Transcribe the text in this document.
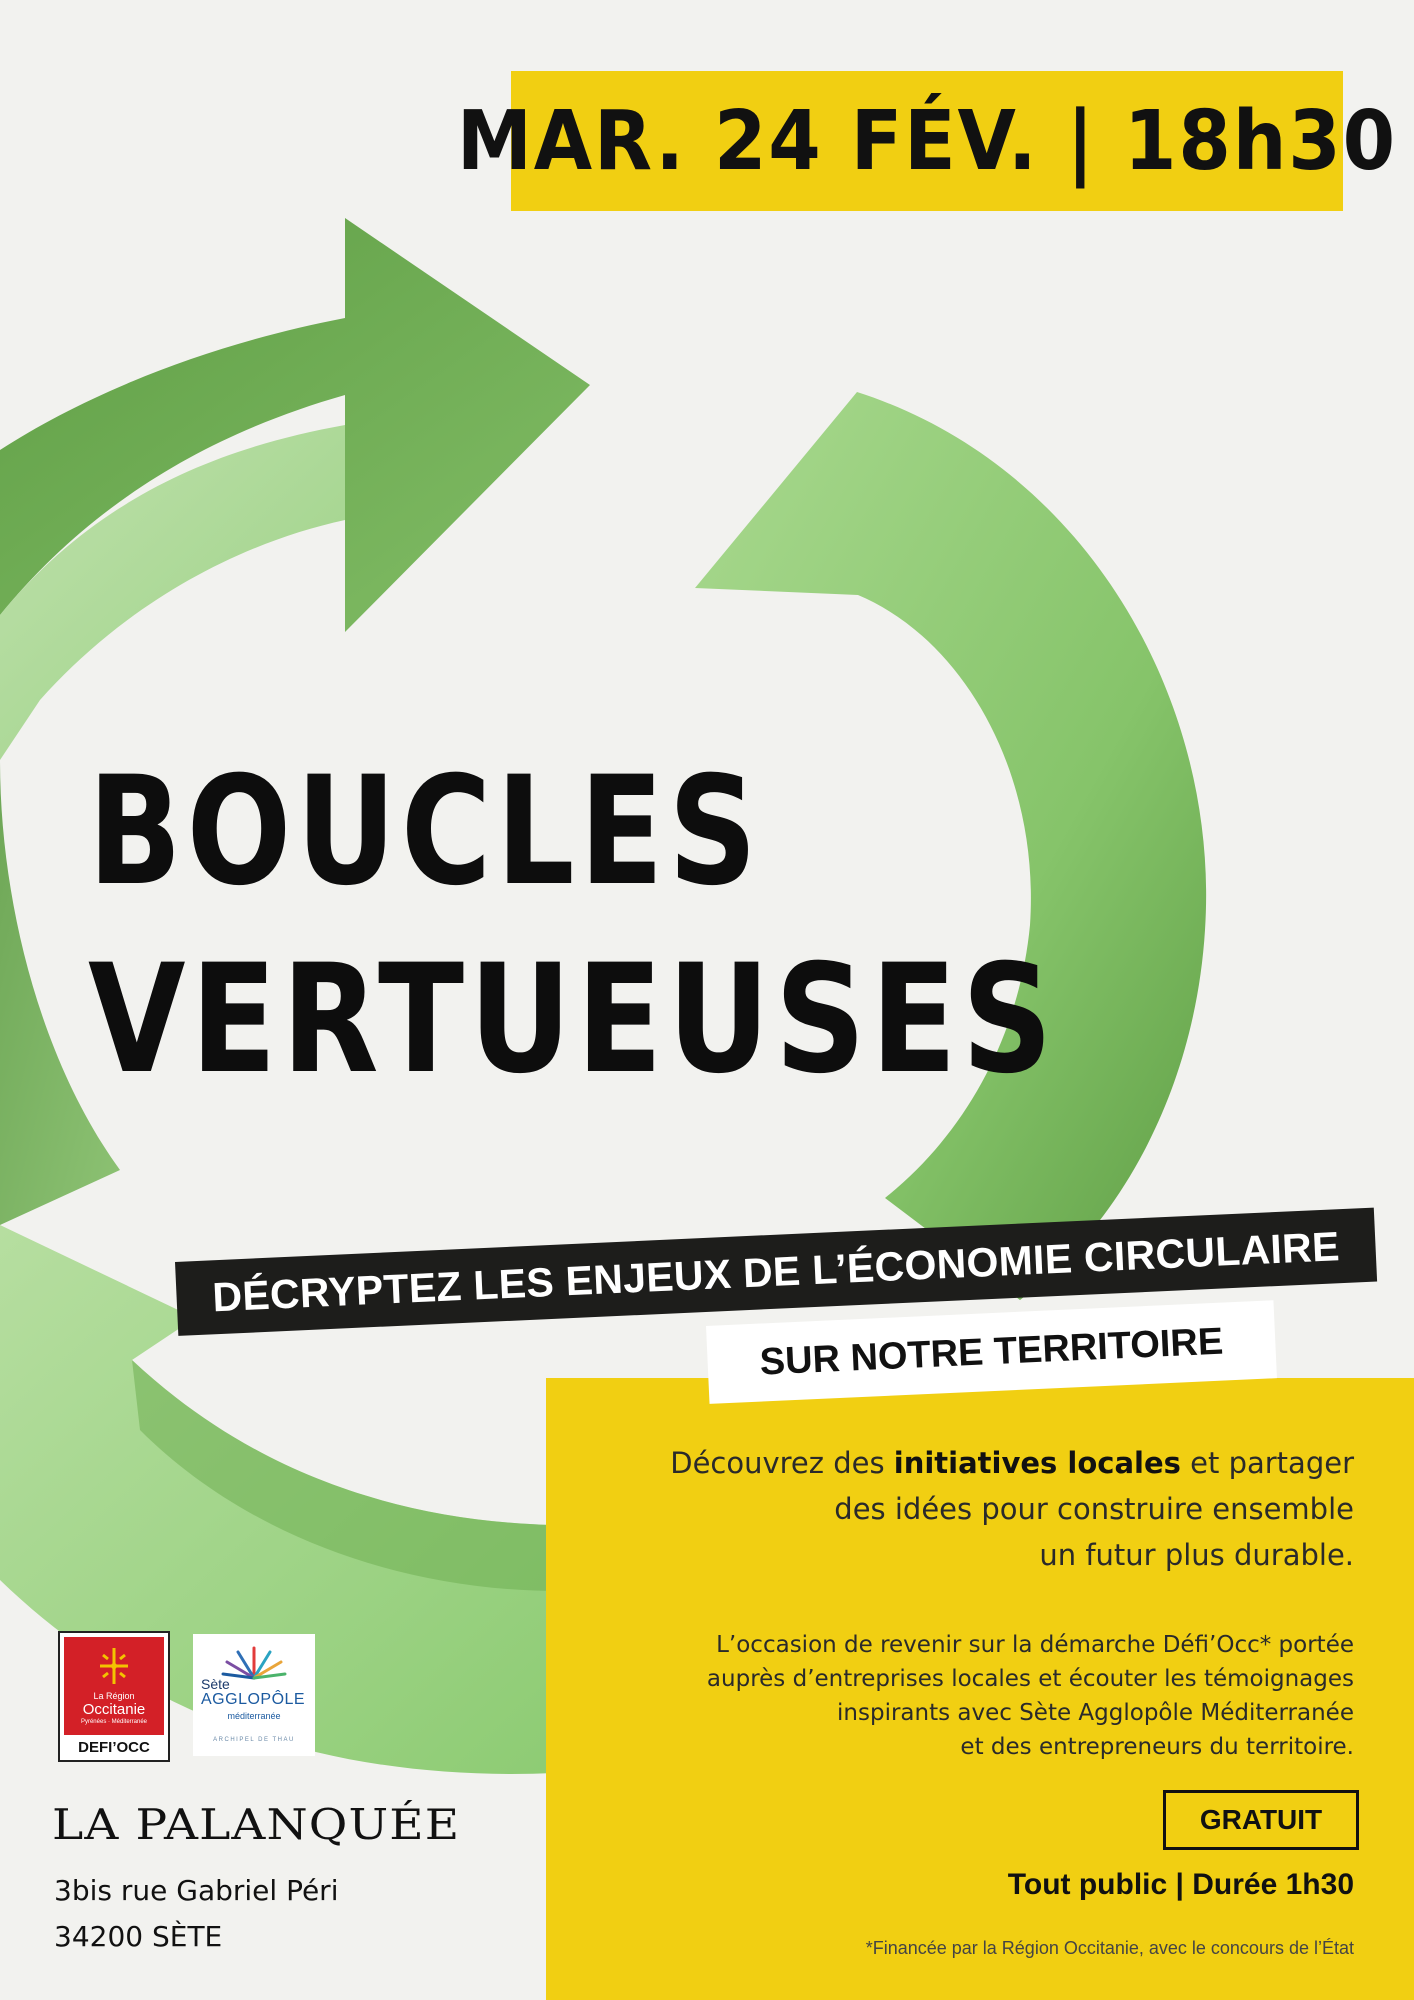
MAR. 24 FÉV. | 18h30
BOUCLES
VERTUEUSES
DÉCRYPTEZ LES ENJEUX DE L’ÉCONOMIE CIRCULAIRE
SUR NOTRE TERRITOIRE
Découvrez des initiatives locales et partager
des idées pour construire ensemble
un futur plus durable.
L’occasion de revenir sur la démarche Défi’Occ* portée
auprès d’entreprises locales et écouter les témoignages
inspirants avec Sète Agglopôle Méditerranée
et des entrepreneurs du territoire.
GRATUIT
Tout public | Durée 1h30
*Financée par la Région Occitanie, avec le concours de l’État
La Région
Occitanie
Pyrénées · Méditerranée
DEFI’OCC
Sète
AGGLOPÔLE
méditerranée
ARCHIPEL DE THAU
LA PALANQUÉE
3bis rue Gabriel Péri
34200 SÈTE
